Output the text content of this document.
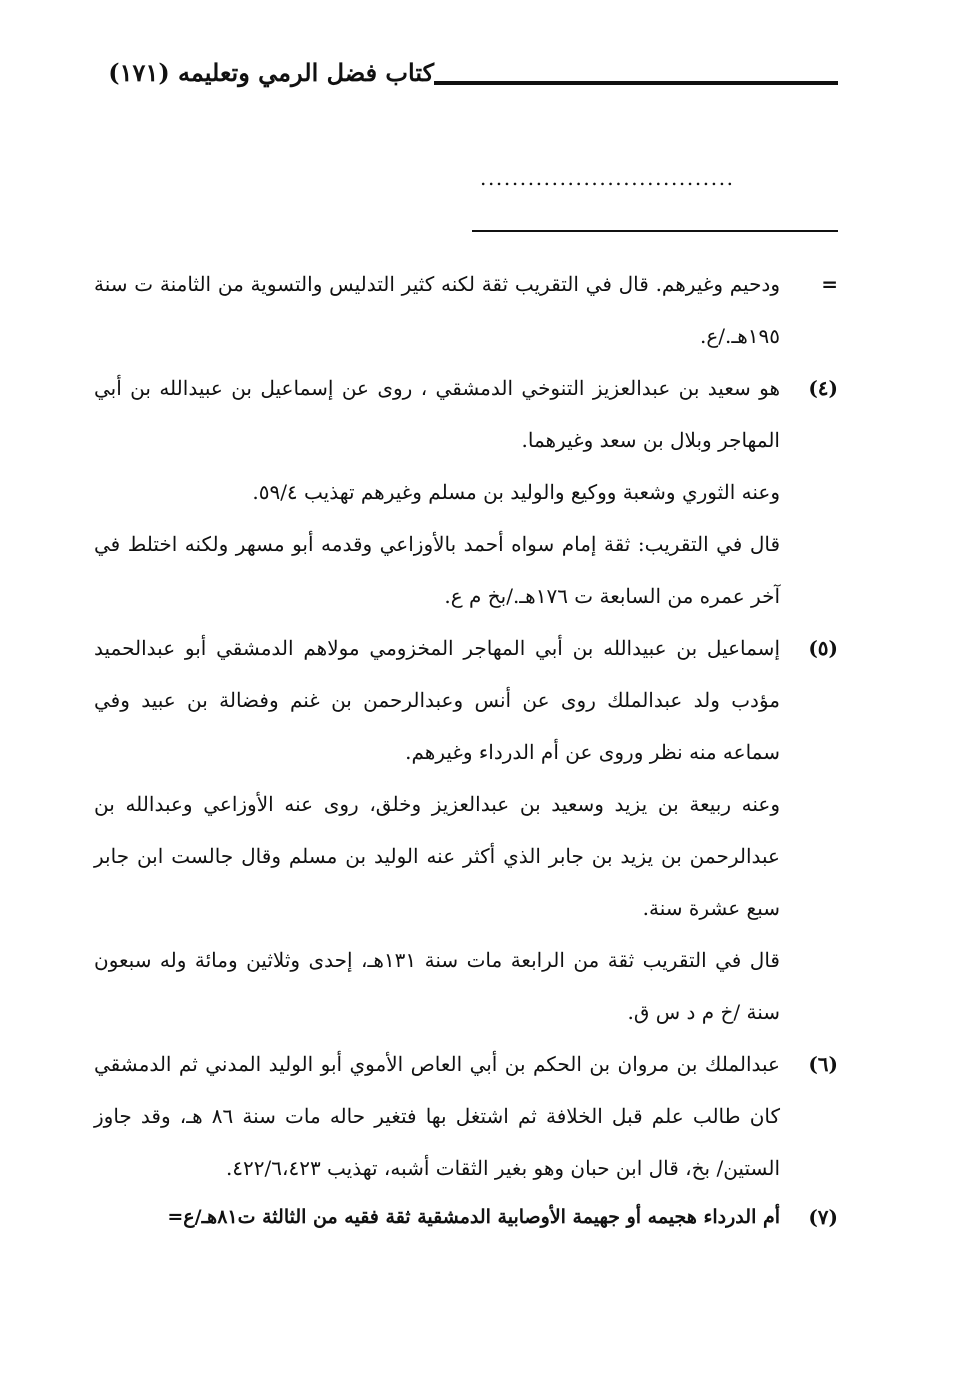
كتاب فضل الرمي وتعليمه (١٧١)
................................
=

ودحيم وغيرهم. قال في التقريب ثقة لكنه كثير التدليس والتسوية من الثامنة ت سنة ١٩٥هـ./ع.

(٤)

هو سعيد بن عبدالعزيز التنوخي الدمشقي ، روى عن إسماعيل بن عبيدالله بن أبي المهاجر وبلال بن سعد وغيرهما.

وعنه الثوري وشعبة ووكيع والوليد بن مسلم وغيرهم تهذيب ٥٩/٤.

قال في التقريب: ثقة إمام سواه أحمد بالأوزاعي وقدمه أبو مسهر ولكنه اختلط في آخر عمره من السابعة ت ١٧٦هـ./بخ م ع.

(٥)

إسماعيل بن عبيدالله بن أبي المهاجر المخزومي مولاهم الدمشقي أبو عبدالحميد مؤدب ولد عبدالملك روى عن أنس وعبدالرحمن بن غنم وفضالة بن عبيد وفي سماعه منه نظر وروى عن أم الدرداء وغيرهم.

وعنه ربيعة بن يزيد وسعيد بن عبدالعزيز وخلق، روى عنه الأوزاعي وعبدالله بن عبدالرحمن بن يزيد بن جابر الذي أكثر عنه الوليد بن مسلم وقال جالست ابن جابر سبع عشرة سنة.

قال في التقريب ثقة من الرابعة مات سنة ١٣١هـ، إحدى وثلاثين ومائة وله سبعون سنة /خ م د س ق.

(٦)

عبدالملك بن مروان بن الحكم بن أبي العاص الأموي أبو الوليد المدني ثم الدمشقي كان طالب علم قبل الخلافة ثم اشتغل بها فتغير حاله مات سنة ٨٦ هـ، وقد جاوز الستين/ بخ، قال ابن حبان وهو بغير الثقات أشبه، تهذيب ٤٢٢/٦،٤٢٣.

(٧)

أم الدرداء هجيمه أو جهيمة الأوصابية الدمشقية ثقة فقيه من الثالثة ت٨١هـ/ع=
